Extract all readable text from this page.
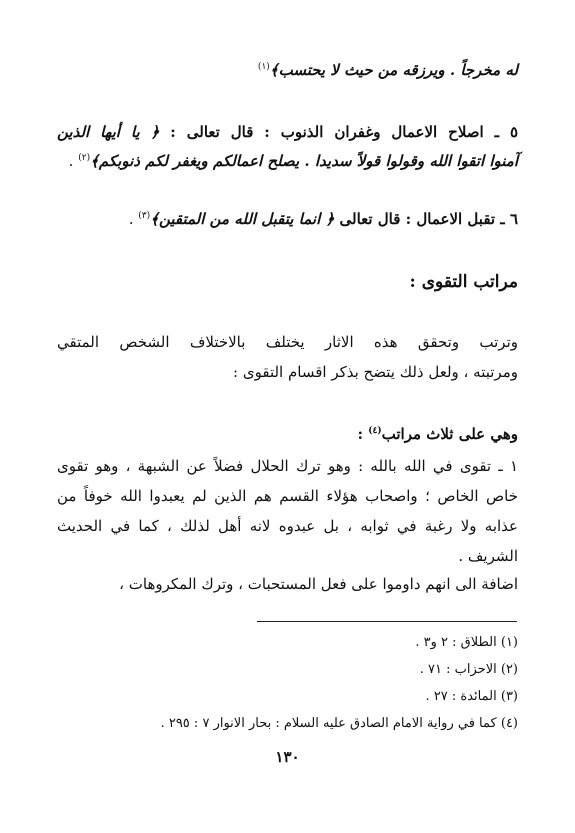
له مخرجاً . ويرزقه من حيث لا يحتسب﴾$^{(١)}$
٥ ـ اصلاح الاعمال وغفران الذنوب : قال تعالى : ﴿ يا أيها الذين
آمنوا اتقوا الله وقولوا قولاً سديدا . يصلح اعمالكم ويغفر لكم ذنوبكم﴾$^{(٢)}$ .
٦ ـ تقبل الاعمال : قال تعالى ﴿ انما يتقبل الله من المتقين﴾$^{(٣)}$ .
مراتب التقوى :
وترتب وتحقق هذه الاثار يختلف بالاختلاف الشخص المتقي
ومرتبته ، ولعل ذلك يتضح بذكر اقسام التقوى :
وهي على ثلاث مراتب$^{(٤)}$ :
١ ـ تقوى في الله بالله : وهو ترك الحلال فضلاً عن الشبهة ، وهو تقوى
خاص الخاص ؛ واصحاب هؤلاء القسم هم الذين لم يعبدوا الله خوفاً من
عذابه ولا رغبة في ثوابه ، بل عبدوه لانه أهل لذلك ، كما في الحديث
الشريف .
اضافة الى انهم داوموا على فعل المستحبات ، وترك المكروهات ،
(١) الطلاق : ٢ و٣ .
(٢) الاحزاب : ٧١ .
(٣) المائدة : ٢٧ .
(٤) كما في رواية الامام الصادق عليه السلام : بحار الانوار ٧ : ٢٩٥ .
١٣٠
